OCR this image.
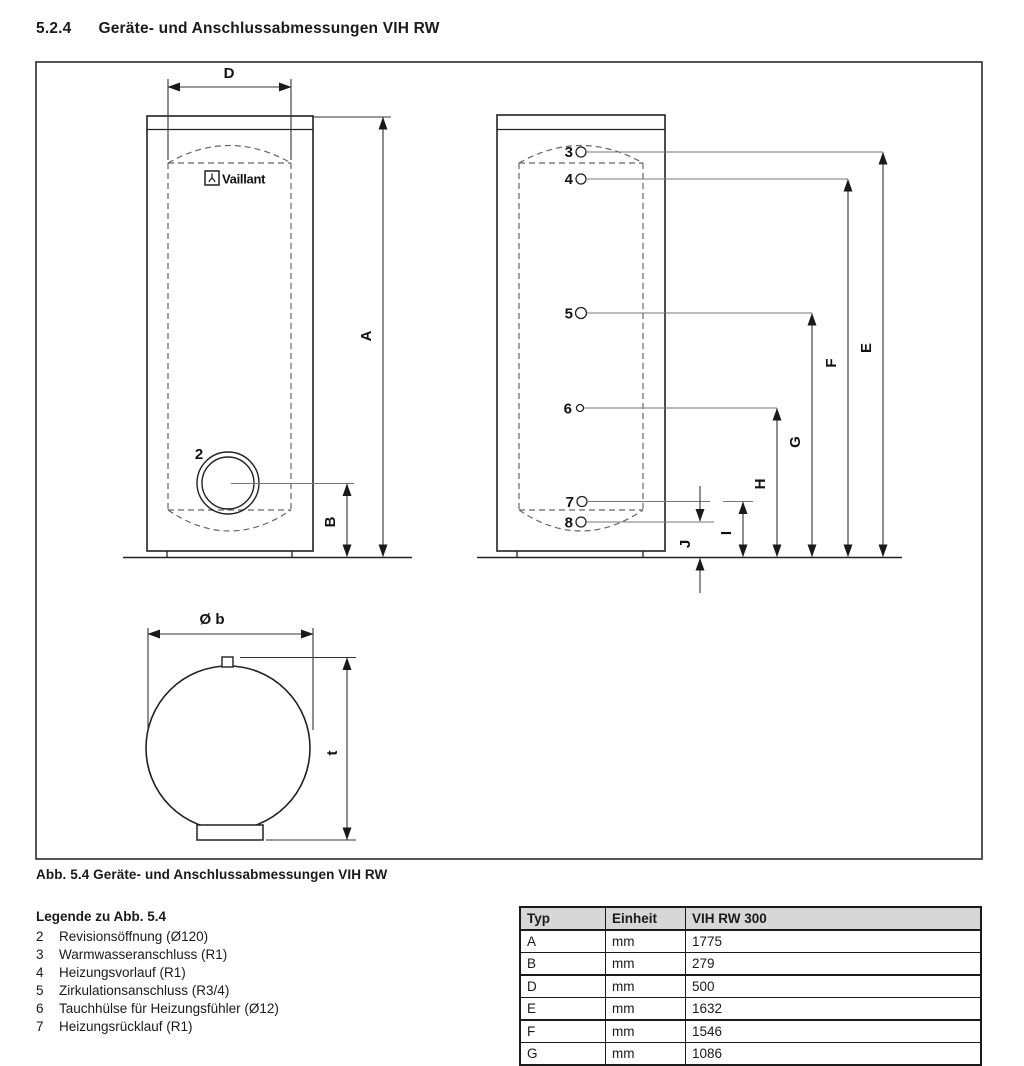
5.2.4 Geräte- und Anschlussabmessungen VIH RW
Vaillant
D
A
B
2
3
4
5
6
7
8
E
F
G
H
I
J
Ø b
t
Abb. 5.4 Geräte- und Anschlussabmessungen VIH RW
Legende zu Abb. 5.4
2	Revisionsöffnung (Ø120)
3	Warmwasseranschluss (R1)
4	Heizungsvorlauf (R1)
5	Zirkulationsanschluss (R3/4)
6	Tauchhülse für Heizungsfühler (Ø12)
7	Heizungsrücklauf (R1)
Typ	Einheit	VIH RW 300
A	mm	1775
B	mm	279
D	mm	500
E	mm	1632
F	mm	1546
G	mm	1086
